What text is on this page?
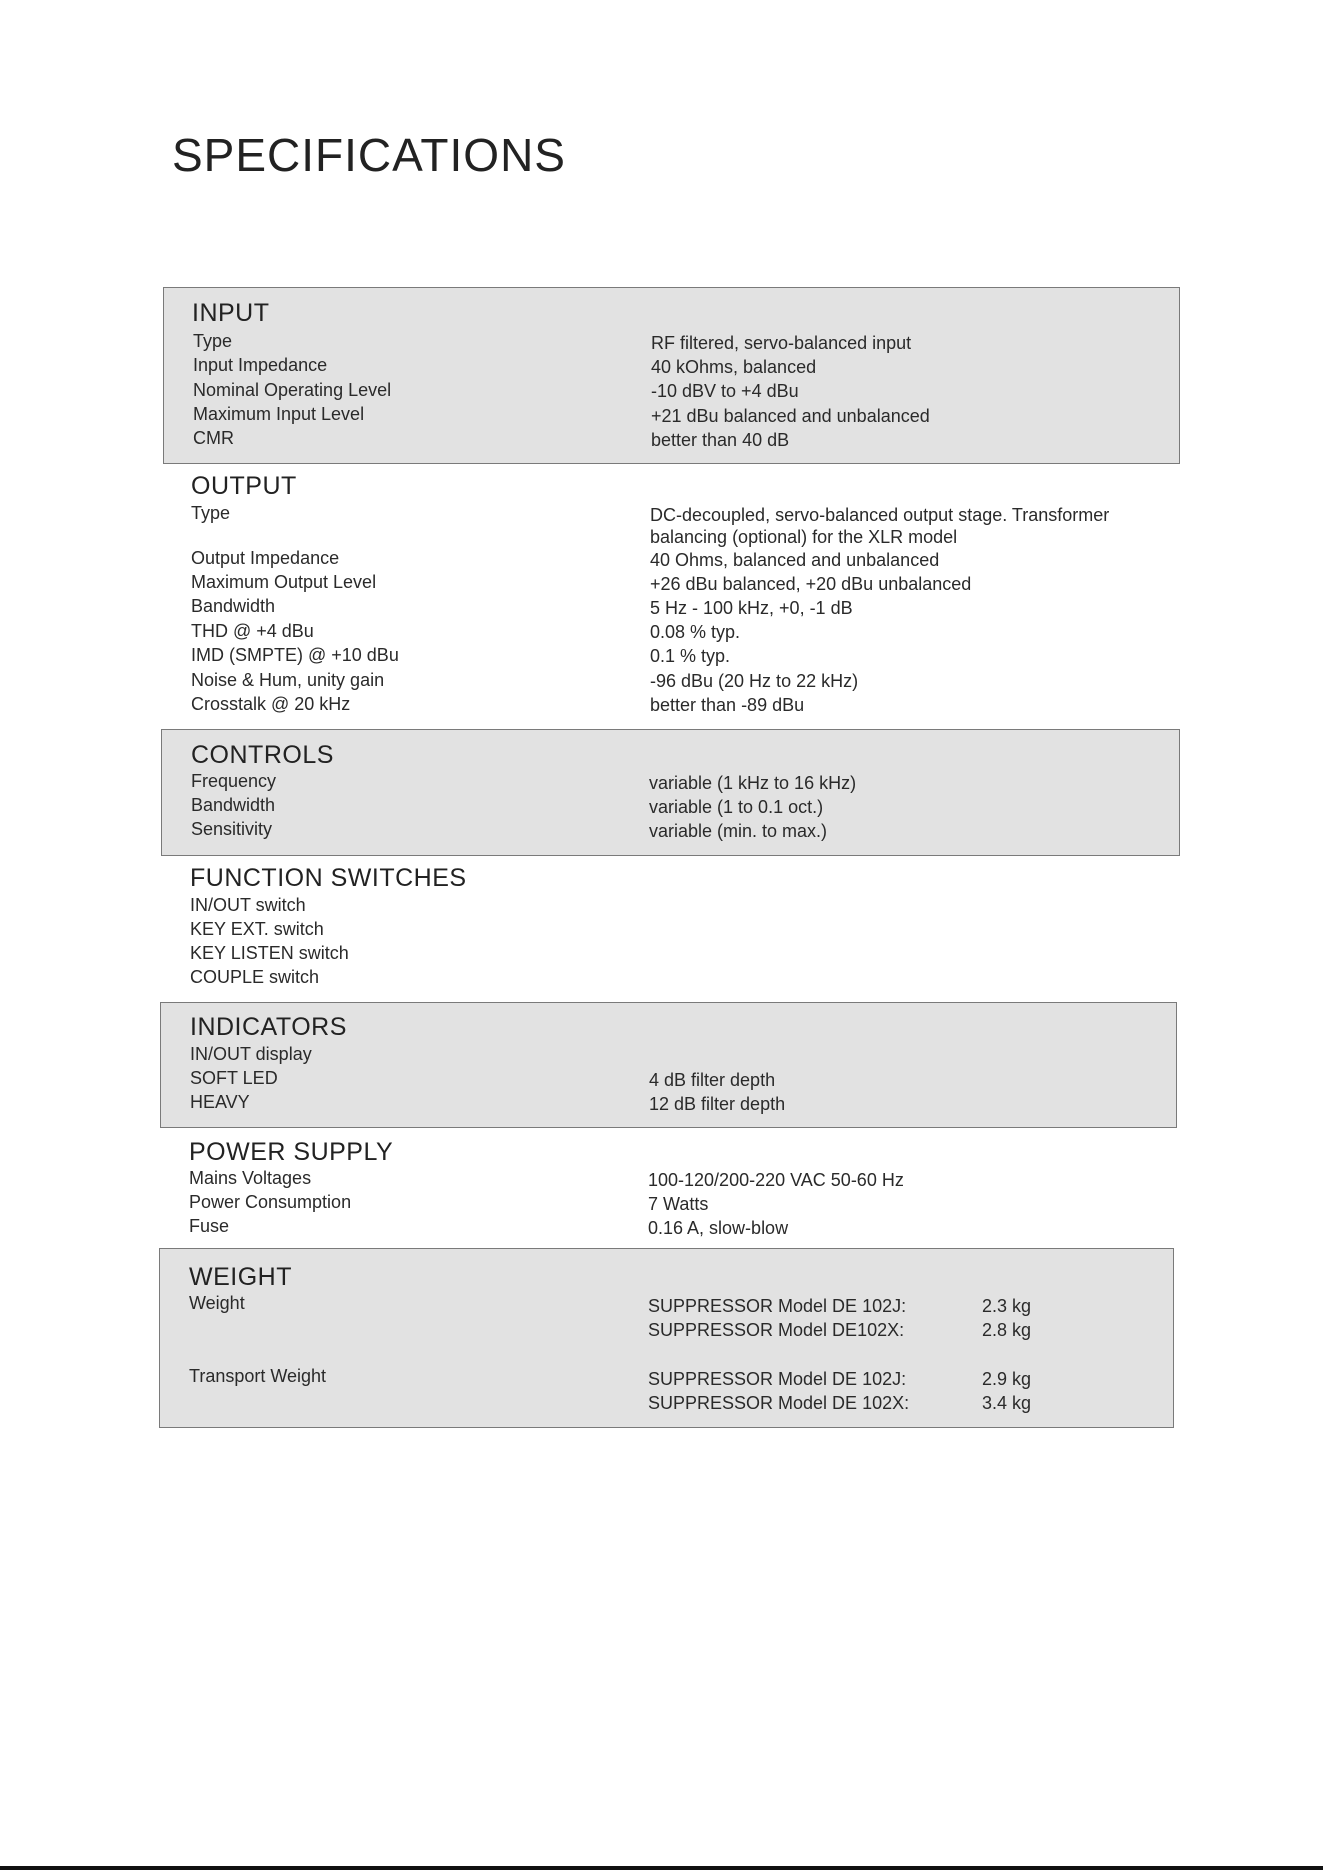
SPECIFICATIONS
INPUT
Type	RF filtered, servo-balanced input
Input Impedance	40 kOhms, balanced
Nominal Operating Level	-10 dBV to +4 dBu
Maximum Input Level	+21 dBu balanced and unbalanced
CMR	better than 40 dB
OUTPUT
Type	DC-decoupled, servo-balanced output stage. Transformer balancing (optional) for the XLR model
Output Impedance	40 Ohms, balanced and unbalanced
Maximum Output Level	+26 dBu balanced, +20 dBu unbalanced
Bandwidth	5 Hz - 100 kHz, +0, -1 dB
THD @ +4 dBu	0.08 % typ.
IMD (SMPTE) @ +10 dBu	0.1 % typ.
Noise & Hum, unity gain	-96 dBu (20 Hz to 22 kHz)
Crosstalk @ 20 kHz	better than -89 dBu
CONTROLS
Frequency	variable (1 kHz to 16 kHz)
Bandwidth	variable (1 to 0.1 oct.)
Sensitivity	variable (min. to max.)
FUNCTION SWITCHES
IN/OUT switch
KEY EXT. switch
KEY LISTEN switch
COUPLE switch
INDICATORS
IN/OUT display
SOFT LED	4 dB filter depth
HEAVY	12 dB filter depth
POWER SUPPLY
Mains Voltages	100-120/200-220 VAC 50-60 Hz
Power Consumption	7 Watts
Fuse	0.16 A, slow-blow
WEIGHT
Weight	SUPPRESSOR Model DE 102J:	2.3 kg
SUPPRESSOR Model DE102X:	2.8 kg
Transport Weight	SUPPRESSOR Model DE 102J:	2.9 kg
SUPPRESSOR Model DE 102X:	3.4 kg
